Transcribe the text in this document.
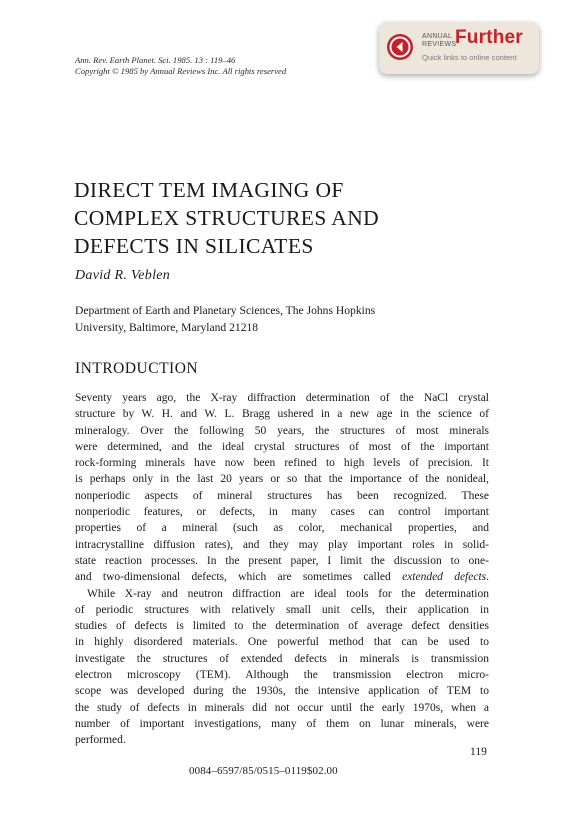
Ann. Rev. Earth Planet. Sci. 1985. 13 : 119–46
Copyright © 1985 by Annual Reviews Inc. All rights reserved
ANNUAL
REVIEWS
Further
Quick links to online content
DIRECT TEM IMAGING OF
COMPLEX STRUCTURES AND
DEFECTS IN SILICATES
David R. Veblen
Department of Earth and Planetary Sciences, The Johns Hopkins
University, Baltimore, Maryland 21218
INTRODUCTION
Seventy years ago, the X-ray diffraction determination of the NaCl crystal
structure by W. H. and W. L. Bragg ushered in a new age in the science of
mineralogy. Over the following 50 years, the structures of most minerals
were determined, and the ideal crystal structures of most of the important
rock-forming minerals have now been refined to high levels of precision. It
is perhaps only in the last 20 years or so that the importance of the nonideal,
nonperiodic aspects of mineral structures has been recognized. These
nonperiodic features, or defects, in many cases can control important
properties of a mineral (such as color, mechanical properties, and
intracrystalline diffusion rates), and they may play important roles in solid-
state reaction processes. In the present paper, I limit the discussion to one-
and two-dimensional defects, which are sometimes called extended defects.
While X-ray and neutron diffraction are ideal tools for the determination
of periodic structures with relatively small unit cells, their application in
studies of defects is limited to the determination of average defect densities
in highly disordered materials. One powerful method that can be used to
investigate the structures of extended defects in minerals is transmission
electron microscopy (TEM). Although the transmission electron micro-
scope was developed during the 1930s, the intensive application of TEM to
the study of defects in minerals did not occur until the early 1970s, when a
number of important investigations, many of them on lunar minerals, were
performed.
119
0084–6597/85/0515–0119$02.00
